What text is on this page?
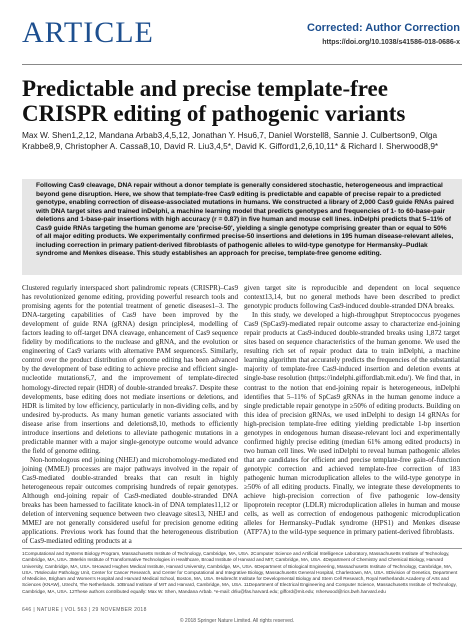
ARTICLE	Corrected: Author Correction
https://doi.org/10.1038/s41586-018-0686-x
Predictable and precise template-free CRISPR editing of pathogenic variants
Max W. Shen1,2,12, Mandana Arbab3,4,5,12, Jonathan Y. Hsu6,7, Daniel Worstell8, Sannie J. Culbertson9, Olga Krabbe8,9, Christopher A. Cassa8,10, David R. Liu3,4,5*, David K. Gifford1,2,6,10,11* & Richard I. Sherwood8,9*
Following Cas9 cleavage, DNA repair without a donor template is generally considered stochastic, heterogeneous and impractical beyond gene disruption. Here, we show that template-free Cas9 editing is predictable and capable of precise repair to a predicted genotype, enabling correction of disease-associated mutations in humans. We constructed a library of 2,000 Cas9 guide RNAs paired with DNA target sites and trained inDelphi, a machine learning model that predicts genotypes and frequencies of 1- to 60-base-pair deletions and 1-base-pair insertions with high accuracy (r = 0.87) in five human and mouse cell lines. inDelphi predicts that 5–11% of Cas9 guide RNAs targeting the human genome are 'precise-50', yielding a single genotype comprising greater than or equal to 50% of all major editing products. We experimentally confirmed precise-50 insertions and deletions in 195 human disease-relevant alleles, including correction in primary patient-derived fibroblasts of pathogenic alleles to wild-type genotype for Hermansky–Pudlak syndrome and Menkes disease. This study establishes an approach for precise, template-free genome editing.

Clustered regularly interspaced short palindromic repeats (CRISPR)–Cas9 has revolutionized genome editing, providing powerful research tools and promising agents for the potential treatment of genetic diseases1–3. The DNA-targeting capabilities of Cas9 have been improved by the development of guide RNA (gRNA) design principles4, modelling of factors leading to off-target DNA cleavage, enhancement of Cas9 sequence fidelity by modifications to the nuclease and gRNA, and the evolution or engineering of Cas9 variants with alternative PAM sequences5. Similarly, control over the product distribution of genome editing has been advanced by the development of base editing to achieve precise and efficient single-nucleotide mutations6,7, and the improvement of template-directed homology-directed repair (HDR) of double-stranded breaks7. Despite these developments, base editing does not mediate insertions or deletions, and HDR is limited by low efficiency, particularly in non-dividing cells, and by undesired by-products. As many human genetic variants associated with disease arise from insertions and deletions8,10, methods to efficiently introduce insertions and deletions to alleviate pathogenic mutations in a predictable manner with a major single-genotype outcome would advance the field of genome editing.

Non-homologous end joining (NHEJ) and microhomology-mediated end joining (MMEJ) processes are major pathways involved in the repair of Cas9-mediated double-stranded breaks that can result in highly heterogeneous repair outcomes comprising hundreds of repair genotypes. Although end-joining repair of Cas9-mediated double-stranded DNA breaks has been harnessed to facilitate knock-in of DNA templates11,12 or deletion of intervening sequence between two cleavage sites13, NHEJ and MMEJ are not generally considered useful for precision genome editing applications. Previous work has found that the heterogeneous distribution of Cas9-mediated editing products at a

given target site is reproducible and dependent on local sequence context13,14, but no general methods have been described to predict genotypic products following Cas9-induced double-stranded DNA breaks.

In this study, we developed a high-throughput Streptococcus pyogenes Cas9 (SpCas9)-mediated repair outcome assay to characterize end-joining repair products at Cas9-induced double-stranded breaks using 1,872 target sites based on sequence characteristics of the human genome. We used the resulting rich set of repair product data to train inDelphi, a machine learning algorithm that accurately predicts the frequencies of the substantial majority of template-free Cas9-induced insertion and deletion events at single-base resolution (https://indelphi.giffordlab.mit.edu/). We find that, in contrast to the notion that end-joining repair is heterogeneous, inDelphi identifies that 5–11% of SpCas9 gRNAs in the human genome induce a single predictable repair genotype in ≥50% of editing products. Building on this idea of precision gRNAs, we used inDelphi to design 14 gRNAs for high-precision template-free editing yielding predictable 1-bp insertion genotypes in endogenous human disease-relevant loci and experimentally confirmed highly precise editing (median 61% among edited products) in two human cell lines. We used inDelphi to reveal human pathogenic alleles that are candidates for efficient and precise template-free gain-of-function genotypic correction and achieved template-free correction of 183 pathogenic human microduplication alleles to the wild-type genotype in ≥50% of all editing products. Finally, we integrate these developments to achieve high-precision correction of five pathogenic low-density lipoprotein receptor (LDLR) microduplication alleles in human and mouse cells, as well as correction of endogenous pathogenic microduplication alleles for Hermansky–Pudlak syndrome (HPS1) and Menkes disease (ATP7A) to the wild-type sequence in primary patient-derived fibroblasts.

1Computational and Systems Biology Program, Massachusetts Institute of Technology, Cambridge, MA, USA. 2Computer Science and Artificial Intelligence Laboratory, Massachusetts Institute of Technology, Cambridge, MA, USA. 3Merkin Institute of Transformative Technologies in Healthcare, Broad Institute of Harvard and MIT, Cambridge, MA, USA. 4Department of Chemistry and Chemical Biology, Harvard University, Cambridge, MA, USA. 5Howard Hughes Medical Institute, Harvard University, Cambridge, MA, USA. 6Department of Biological Engineering, Massachusetts Institute of Technology, Cambridge, MA, USA. 7Molecular Pathology Unit, Center for Cancer Research, and Center for Computational and Integrative Biology, Massachusetts General Hospital, Charlestown, MA, USA. 8Division of Genetics, Department of Medicine, Brigham and Women's Hospital and Harvard Medical School, Boston, MA, USA. 9Hubrecht Institute for Developmental Biology and Stem Cell Research, Royal Netherlands Academy of Arts and Sciences (KNAW), Utrecht, The Netherlands. 10Broad Institute of MIT and Harvard, Cambridge, MA, USA. 11Department of Electrical Engineering and Computer Science, Massachusetts Institute of Technology, Cambridge, MA, USA. 12These authors contributed equally: Max W. Shen, Mandana Arbab. *e-mail: drliu@fas.harvard.edu; gifford@mit.edu; rsherwood@rics.bwh.harvard.edu
646 | NATURE | VOL 563 | 29 NOVEMBER 2018
© 2018 Springer Nature Limited. All rights reserved.
